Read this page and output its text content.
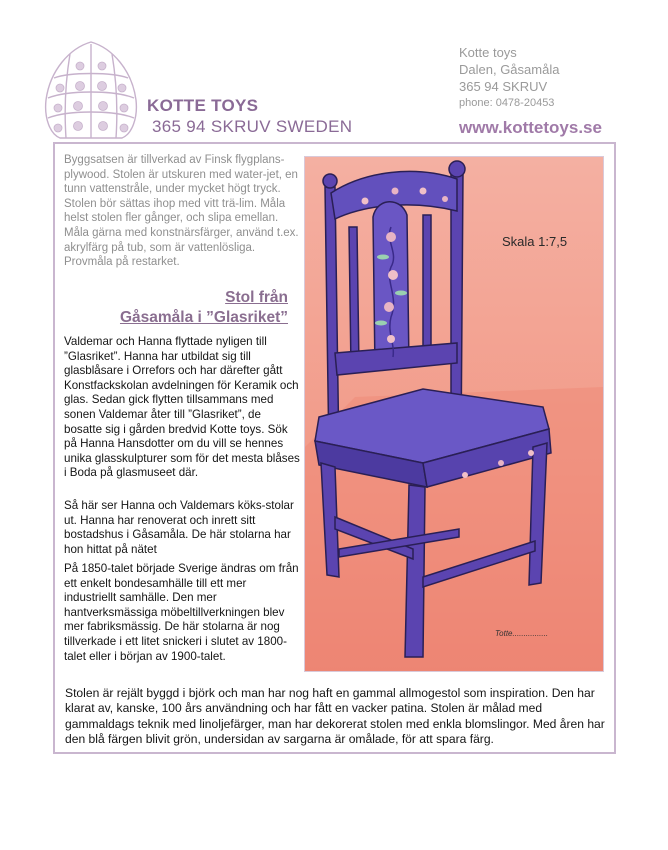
KOTTE TOYS
365 94 SKRUV SWEDEN
Kotte toys
Dalen, Gåsamåla
365 94 SKRUV
phone: 0478-20453
www.kottetoys.se
Byggsatsen är tillverkad av Finsk flygplans- plywood. Stolen är utskuren med water-jet, en tunn vattenstråle, under mycket högt tryck. Stolen bör sättas ihop med vitt trä-lim. Måla helst stolen fler gånger, och slipa emellan. Måla gärna med konstnärsfärger, använd t.ex. akrylfärg på tub, som är vattenlösliga. Provmåla på restarket.
Stol från
Gåsamåla i ”Glasriket”
Valdemar och Hanna flyttade nyligen till ”Glasriket”. Hanna har utbildat sig till glasblåsare i Orrefors och har därefter gått Konstfackskolan avdelningen för Keramik och glas. Sedan gick flytten tillsammans med sonen Valdemar åter till ”Glasriket”, de bosatte sig i gården bredvid Kotte toys. Sök på Hanna Hansdotter om du vill se hennes unika glasskulpturer som för det mesta blåses i Boda på glasmuseet där.
Så här ser Hanna och Valdemars köks-stolar ut. Hanna har renoverat och inrett sitt bostadshus i Gåsamåla. De här stolarna har hon hittat på nätet
På 1850-talet började Sverige ändras om från ett enkelt bondesamhälle till ett mer industriellt samhälle. Den mer hantverksmässiga möbeltillverkningen blev mer fabriksmässig. De här stolarna är nog tillverkade i ett litet snickeri i slutet av 1800-talet eller i början av 1900-talet.
Skala 1:7,5
Totte................
Stolen är rejält byggd i björk och man har nog haft en gammal allmogestol som inspiration. Den har klarat av, kanske, 100 års användning och har fått en vacker patina. Stolen är målad med gammaldags teknik med linoljefärger, man har dekorerat stolen med enkla blomslingor. Med åren har den blå färgen blivit grön, undersidan av sargarna är omålade, för att spara färg.
